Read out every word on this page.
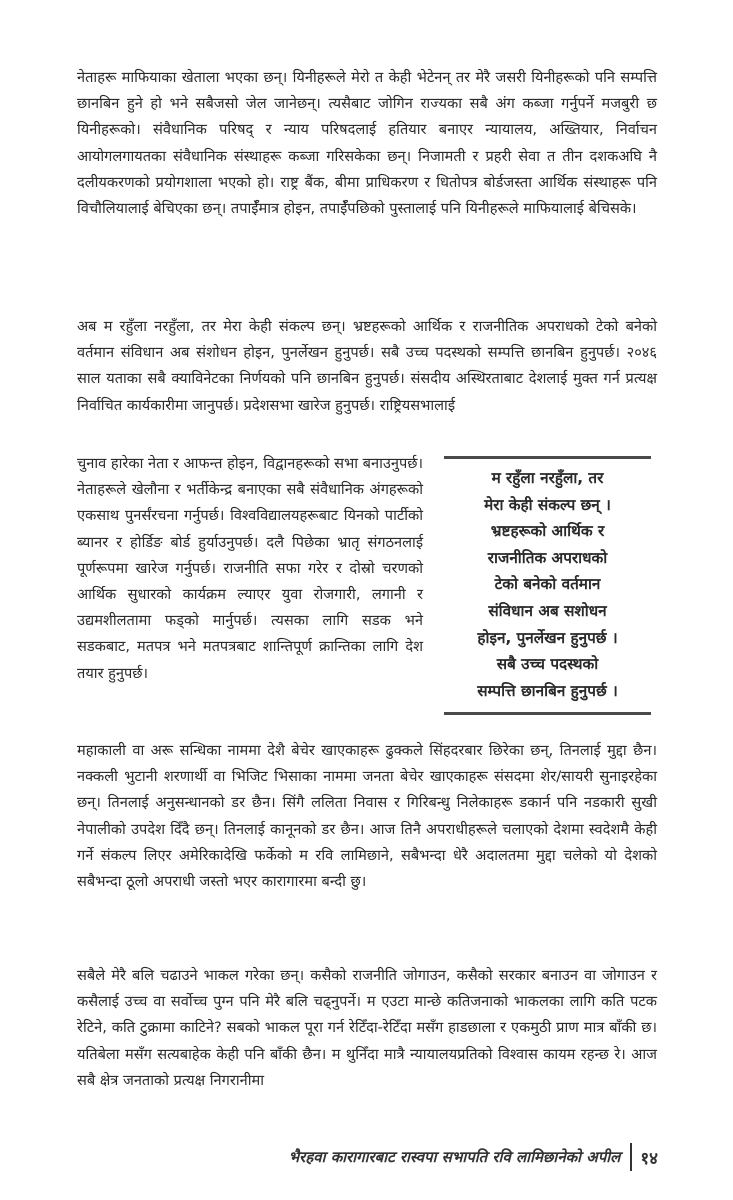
नेताहरू माफियाका खेताला भएका छन्। यिनीहरूले मेरो त केही भेटेनन् तर मेरै जसरी यिनीहरूको पनि सम्पत्ति छानबिन हुने हो भने सबैजसो जेल जानेछन्। त्यसैबाट जोगिन राज्यका सबै अंग कब्जा गर्नुपर्ने मजबुरी छ यिनीहरूको। संवैधानिक परिषद् र न्याय परिषदलाई हतियार बनाएर न्यायालय, अख्तियार, निर्वाचन आयोगलगायतका संवैधानिक संस्थाहरू कब्जा गरिसकेका छन्। निजामती र प्रहरी सेवा त तीन दशकअघि नै दलीयकरणको प्रयोगशाला भएको हो। राष्ट्र बैंक, बीमा प्राधिकरण र धितोपत्र बोर्डजस्ता आर्थिक संस्थाहरू पनि विचौलियालाई बेचिएका छन्। तपाईँमात्र होइन, तपाईँपछिको पुस्तालाई पनि यिनीहरूले माफियालाई बेचिसके।

अब म रहुँला नरहुँला, तर मेरा केही संकल्प छन्। भ्रष्टहरूको आर्थिक र राजनीतिक अपराधको टेको बनेको वर्तमान संविधान अब संशोधन होइन, पुनर्लेखन हुनुपर्छ। सबै उच्च पदस्थको सम्पत्ति छानबिन हुनुपर्छ। २०४६ साल यताका सबै क्याविनेटका निर्णयको पनि छानबिन हुनुपर्छ। संसदीय अस्थिरताबाट देशलाई मुक्त गर्न प्रत्यक्ष निर्वाचित कार्यकारीमा जानुपर्छ। प्रदेशसभा खारेज हुनुपर्छ। राष्ट्रियसभालाई

चुनाव हारेका नेता र आफन्त होइन, विद्वानहरूको सभा बनाउनुपर्छ। नेताहरूले खेलौना र भर्तीकेन्द्र बनाएका सबै संवैधानिक अंगहरूको एकसाथ पुनर्संरचना गर्नुपर्छ। विश्वविद्यालयहरूबाट यिनको पार्टीको ब्यानर र होर्डिङ बोर्ड हुर्याउनुपर्छ। दलै पिछेका भ्रातृ संगठनलाई पूर्णरूपमा खारेज गर्नुपर्छ। राजनीति सफा गरेर र दोस्रो चरणको आर्थिक सुधारको कार्यक्रम ल्याएर युवा रोजगारी, लगानी र उद्यमशीलतामा फड्को मार्नुपर्छ। त्यसका लागि सडक भने सडकबाट, मतपत्र भने मतपत्रबाट शान्तिपूर्ण क्रान्तिका लागि देश तयार हुनुपर्छ।

म रहुँला नरहुँला, तर
मेरा केही संकल्प छन् ।
भ्रष्टहरूको आर्थिक र
राजनीतिक अपराधको
टेको बनेको वर्तमान
संविधान अब सशोधन
होइन, पुनर्लेखन हुनुपर्छ ।
सबै उच्च पदस्थको
सम्पत्ति छानबिन हुनुपर्छ ।

महाकाली वा अरू सन्धिका नाममा देशै बेचेर खाएकाहरू ढुक्कले सिंहदरबार छिरेका छन्, तिनलाई मुद्दा छैन। नक्कली भुटानी शरणार्थी वा भिजिट भिसाका नाममा जनता बेचेर खाएकाहरू संसदमा शेर/सायरी सुनाइरहेका छन्। तिनलाई अनुसन्धानको डर छैन। सिंगै ललिता निवास र गिरिबन्धु निलेकाहरू डकार्न पनि नडकारी सुखी नेपालीको उपदेश दिँदै छन्। तिनलाई कानूनको डर छैन। आज तिनै अपराधीहरूले चलाएको देशमा स्वदेशमै केही गर्ने संकल्प लिएर अमेरिकादेखि फर्केको म रवि लामिछाने, सबैभन्दा धेरै अदालतमा मुद्दा चलेको यो देशको सबैभन्दा ठूलो अपराधी जस्तो भएर कारागारमा बन्दी छु।

सबैले मेरै बलि चढाउने भाकल गरेका छन्। कसैको राजनीति जोगाउन, कसैको सरकार बनाउन वा जोगाउन र कसैलाई उच्च वा सर्वोच्च पुग्न पनि मेरै बलि चढ्नुपर्ने। म एउटा मान्छे कतिजनाको भाकलका लागि कति पटक रेटिने, कति टुक्रामा काटिने? सबको भाकल पूरा गर्न रेटिँदा-रेटिँदा मसँग हाडछाला र एकमुठी प्राण मात्र बाँकी छ। यतिबेला मसँग सत्यबाहेक केही पनि बाँकी छैन। म थुनिँदा मात्रै न्यायालयप्रतिको विश्वास कायम रहन्छ रे। आज सबै क्षेत्र जनताको प्रत्यक्ष निगरानीमा

भैरहवा कारागारबाट रास्वपा सभापति रवि लामिछानेको अपील १४
